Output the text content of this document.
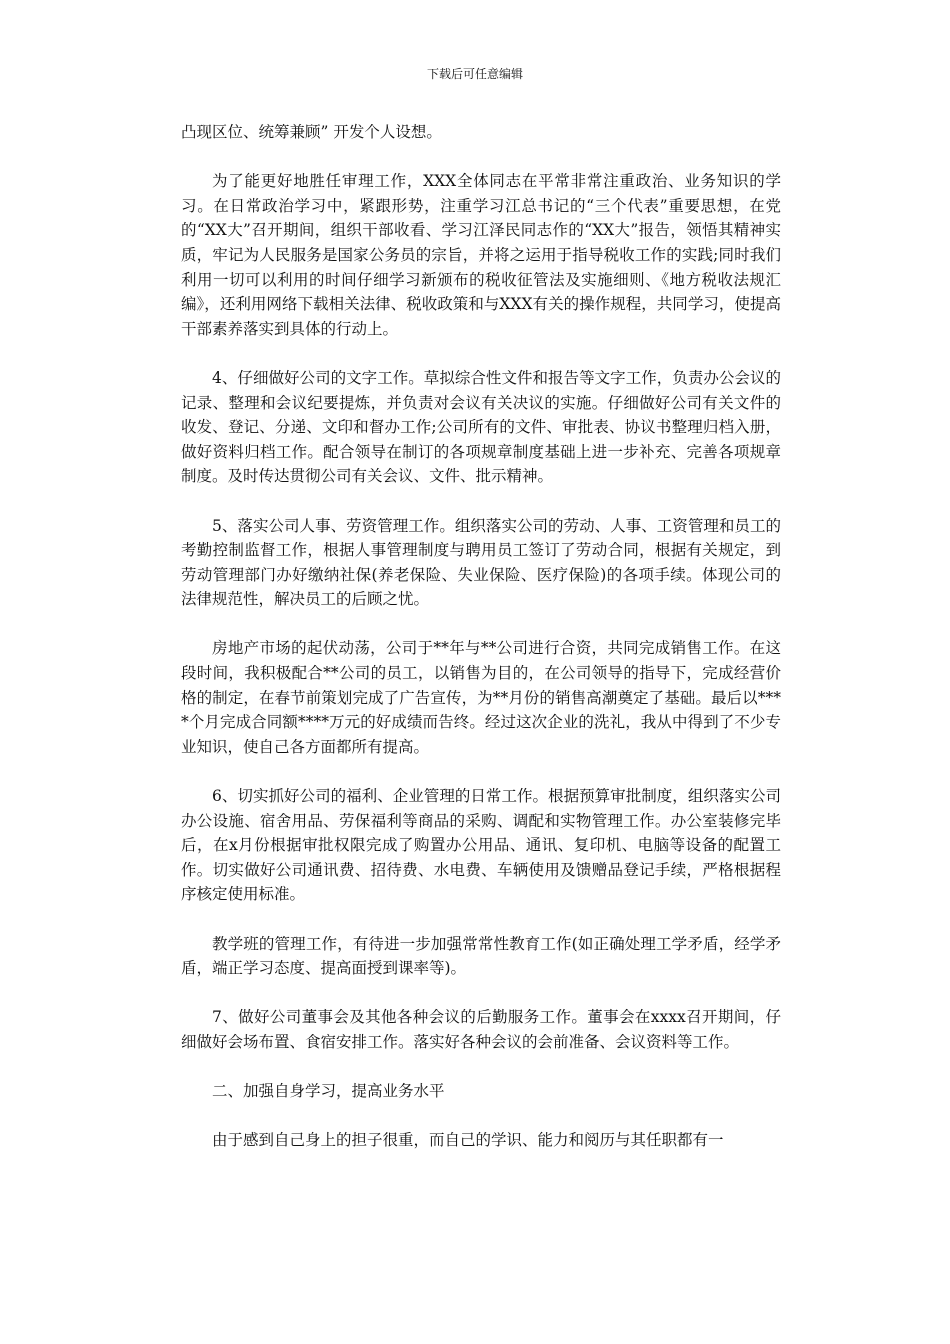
下载后可任意编辑

凸现区位、统筹兼顾” 开发个人设想。

为了能更好地胜任审理工作，XXX全体同志在平常非常注重政治、业务知识的学习。在日常政治学习中，紧跟形势，注重学习江总书记的“三个代表”重要思想，在党的“XX大”召开期间，组织干部收看、学习江泽民同志作的“XX大”报告，领悟其精神实质，牢记为人民服务是国家公务员的宗旨，并将之运用于指导税收工作的实践;同时我们利用一切可以利用的时间仔细学习新颁布的税收征管法及实施细则、《地方税收法规汇编》，还利用网络下载相关法律、税收政策和与XXX有关的操作规程，共同学习，使提高干部素养落实到具体的行动上。

4、仔细做好公司的文字工作。草拟综合性文件和报告等文字工作，负责办公会议的记录、整理和会议纪要提炼，并负责对会议有关决议的实施。仔细做好公司有关文件的收发、登记、分递、文印和督办工作;公司所有的文件、审批表、协议书整理归档入册，做好资料归档工作。配合领导在制订的各项规章制度基础上进一步补充、完善各项规章制度。及时传达贯彻公司有关会议、文件、批示精神。

5、落实公司人事、劳资管理工作。组织落实公司的劳动、人事、工资管理和员工的考勤控制监督工作，根据人事管理制度与聘用员工签订了劳动合同，根据有关规定，到劳动管理部门办好缴纳社保(养老保险、失业保险、医疗保险)的各项手续。体现公司的法律规范性，解决员工的后顾之忧。

房地产市场的起伏动荡，公司于**年与**公司进行合资，共同完成销售工作。在这段时间，我积极配合**公司的员工，以销售为目的，在公司领导的指导下，完成经营价格的制定，在春节前策划完成了广告宣传，为**月份的销售高潮奠定了基础。最后以****个月完成合同额****万元的好成绩而告终。经过这次企业的洗礼，我从中得到了不少专业知识，使自己各方面都所有提高。

6、切实抓好公司的福利、企业管理的日常工作。根据预算审批制度，组织落实公司办公设施、宿舍用品、劳保福利等商品的采购、调配和实物管理工作。办公室装修完毕后，在x月份根据审批权限完成了购置办公用品、通讯、复印机、电脑等设备的配置工作。切实做好公司通讯费、招待费、水电费、车辆使用及馈赠品登记手续，严格根据程序核定使用标准。

教学班的管理工作，有待进一步加强常常性教育工作(如正确处理工学矛盾，经学矛盾，端正学习态度、提高面授到课率等)。

7、做好公司董事会及其他各种会议的后勤服务工作。董事会在xxxx召开期间，仔细做好会场布置、食宿安排工作。落实好各种会议的会前准备、会议资料等工作。

二、加强自身学习，提高业务水平

由于感到自己身上的担子很重，而自己的学识、能力和阅历与其任职都有一
